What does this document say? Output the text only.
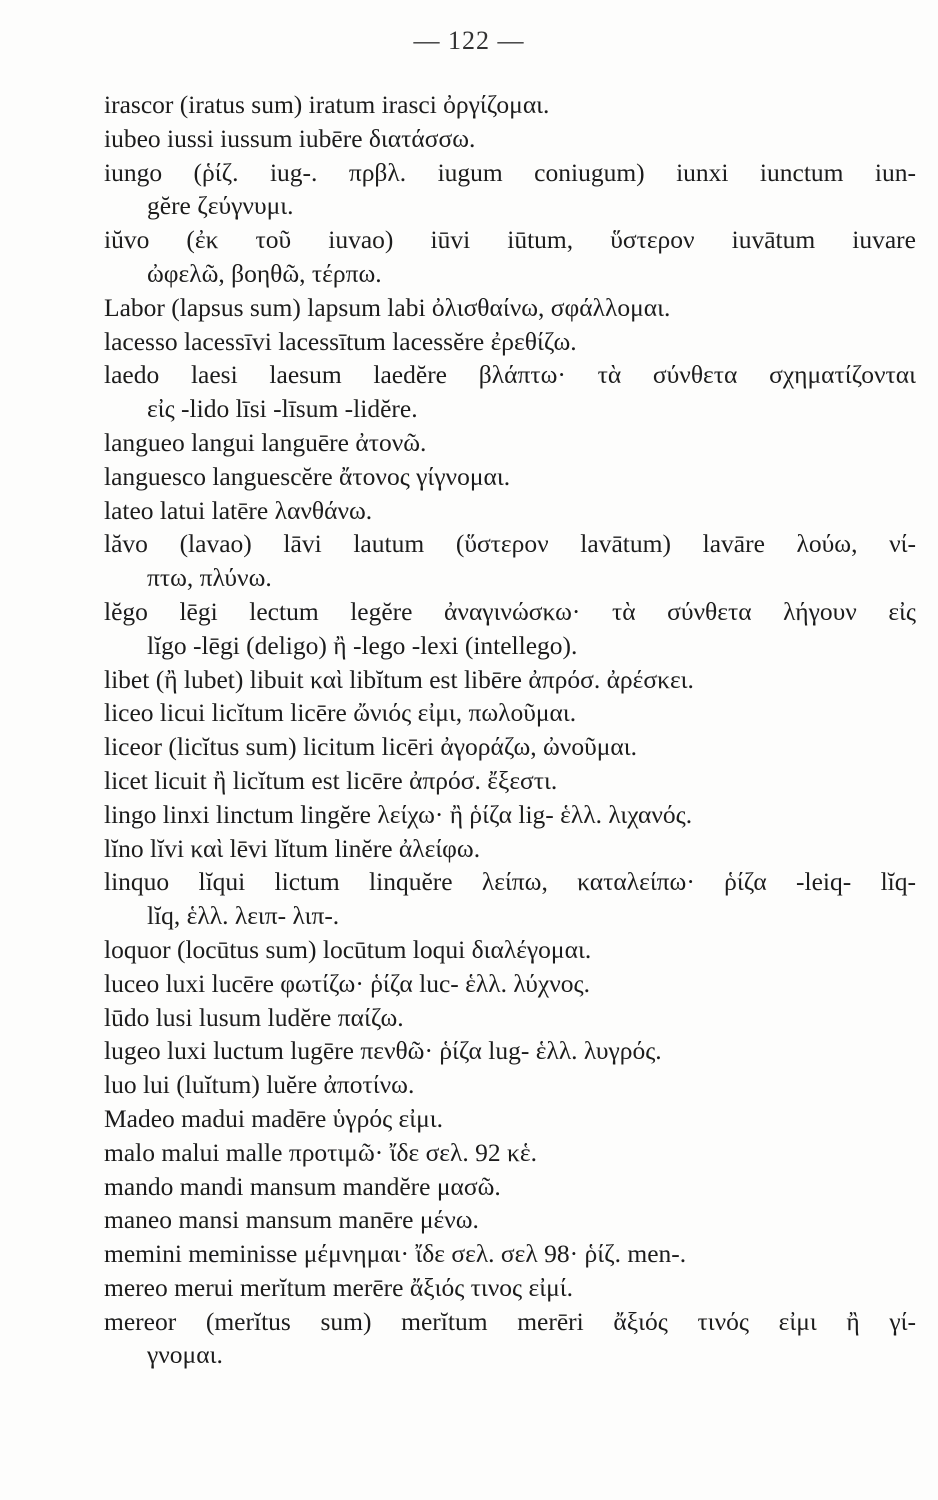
— 122 —
irascor (iratus sum) iratum irasci ὀργίζομαι.
iubeo iussi iussum iubēre διατάσσω.
iungo (ῥίζ. iug-. πρβλ. iugum coniugum) iunxi iunctum iun-
gĕre ζεύγνυμι.
iŭvo (ἐκ τοῦ iuvao) iūvi iūtum, ὕστερον iuvātum iuvare
ὠφελῶ, βοηθῶ, τέρπω.
Labor (lapsus sum) lapsum labi ὀλισθαίνω, σφάλλομαι.
lacesso lacessīvi lacessītum lacessĕre ἐρεθίζω.
laedo laesi laesum laedĕre βλάπτω· τὰ σύνθετα σχηματίζονται
εἰς -lido līsi -līsum -lidĕre.
langueo langui languēre ἀτονῶ.
languesco languescĕre ἄτονος γίγνομαι.
lateo latui latēre λανθάνω.
lăvo (lavao) lāvi lautum (ὕστερον lavātum) lavāre λούω, νί-
πτω, πλύνω.
lĕgo lēgi lectum legĕre ἀναγινώσκω· τὰ σύνθετα λήγουν εἰς
lĭgo -lēgi (deligo) ἢ -lego -lexi (intellego).
libet (ἢ lubet) libuit καὶ libĭtum est libēre ἀπρόσ. ἀρέσκει.
liceo licui licĭtum licēre ὤνιός εἰμι, πωλοῦμαι.
liceor (licĭtus sum) licitum licēri ἀγοράζω, ὠνοῦμαι.
licet licuit ἢ licĭtum est licēre ἀπρόσ. ἔξεστι.
lingo linxi linctum lingĕre λείχω· ἢ ῥίζα lig- ἑλλ. λιχανός.
lĭno lĭvi καὶ lēvi lĭtum linĕre ἀλείφω.
linquo lĭqui lictum linquĕre λείπω, καταλείπω· ῥίζα -leiq- lĭq-
lĭq, ἑλλ. λειπ- λιπ-.
loquor (locūtus sum) locūtum loqui διαλέγομαι.
luceo luxi lucēre φωτίζω· ῥίζα luc- ἑλλ. λύχνος.
lūdo lusi lusum ludĕre παίζω.
lugeo luxi luctum lugēre πενθῶ· ῥίζα lug- ἑλλ. λυγρός.
luo lui (luĭtum) luĕre ἀποτίνω.
Madeo madui madēre ὑγρός εἰμι.
malo malui malle προτιμῶ· ἴδε σελ. 92 κἑ.
mando mandi mansum mandĕre μασῶ.
maneo mansi mansum manēre μένω.
memini meminisse μέμνημαι· ἴδε σελ. σελ 98· ῥίζ. men-.
mereo merui merĭtum merēre ἄξιός τινος εἰμί.
mereor (merĭtus sum) merĭtum merēri ἄξιός τινός εἰμι ἢ γί-
γνομαι.
